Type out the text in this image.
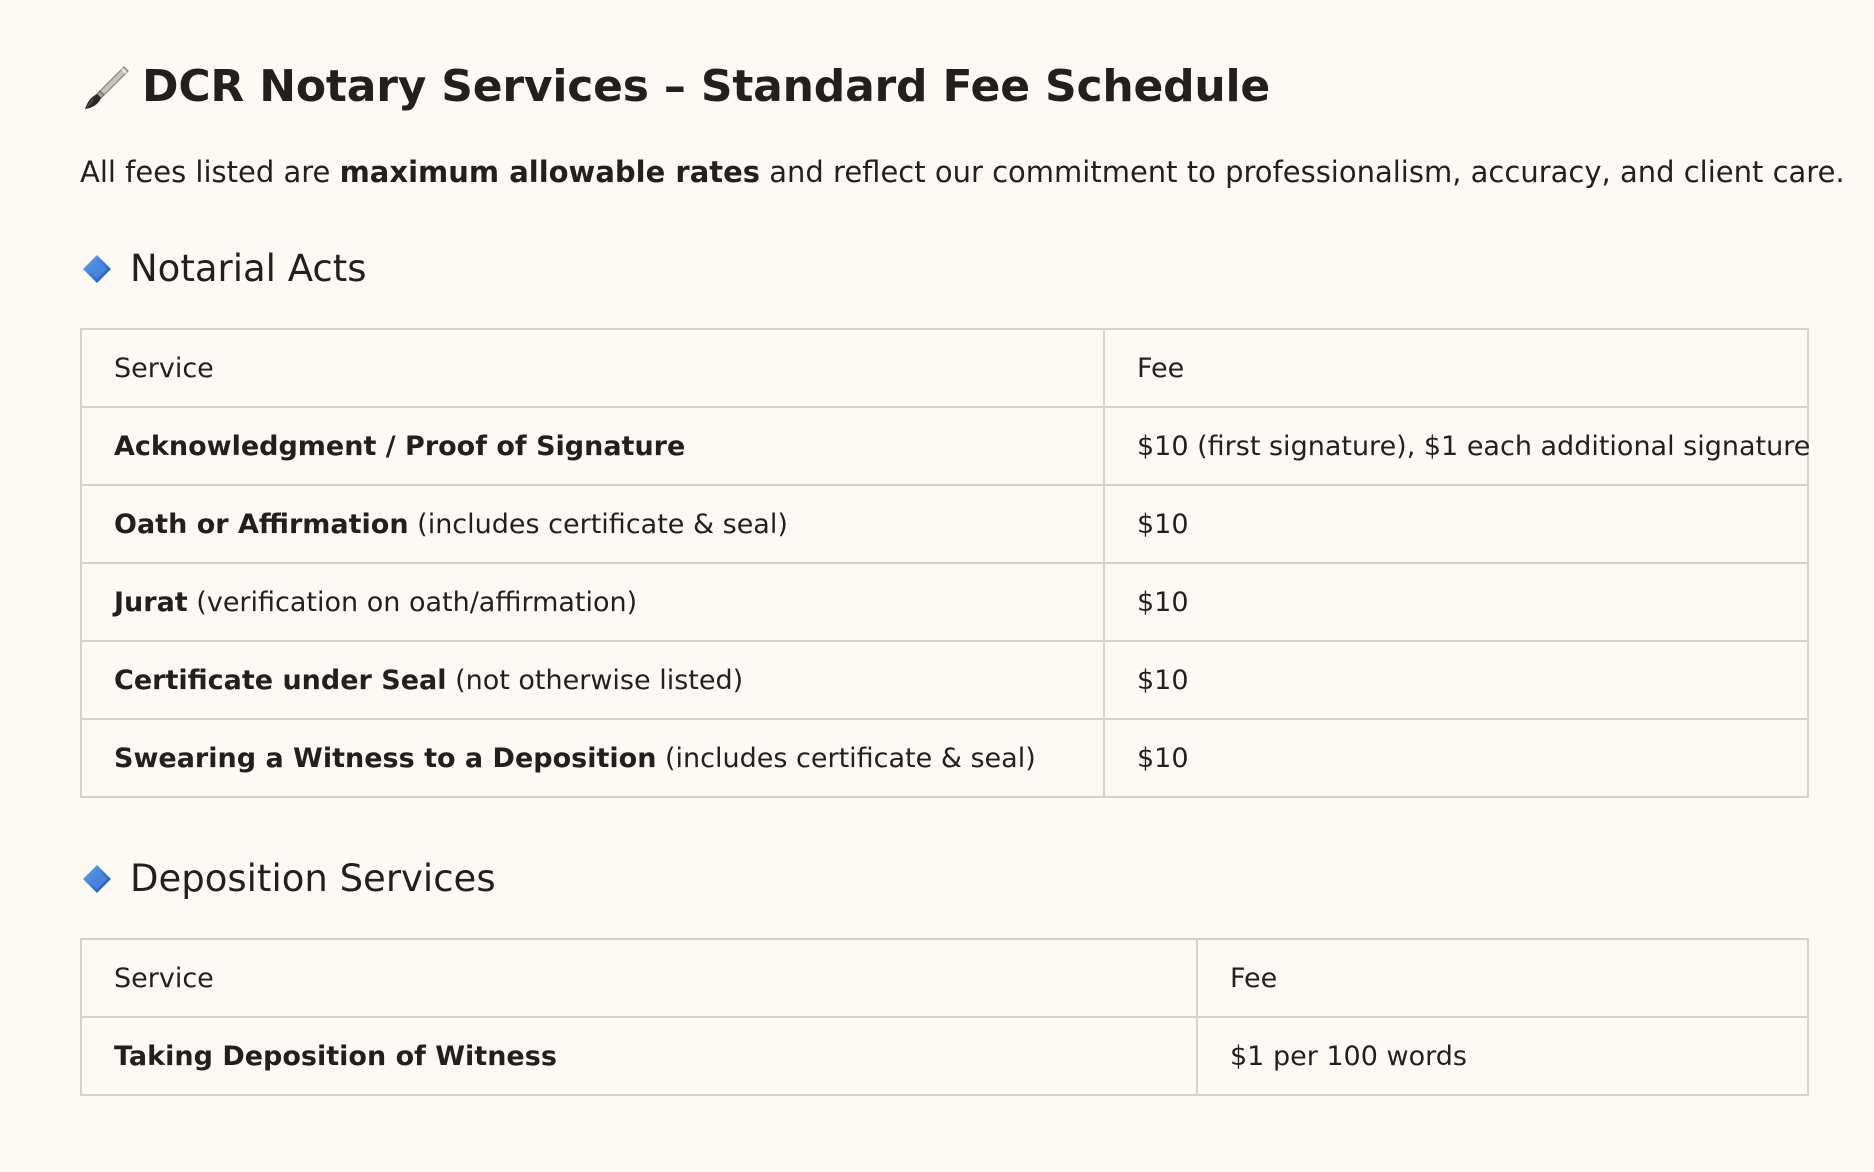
DCR Notary Services – Standard Fee Schedule

All fees listed are maximum allowable rates and reflect our commitment to professionalism, accuracy, and client care.

Notarial Acts
Service	Fee
Acknowledgment / Proof of Signature	$10 (first signature), $1 each additional signature
Oath or Affirmation (includes certificate & seal)	$10
Jurat (verification on oath/affirmation)	$10
Certificate under Seal (not otherwise listed)	$10
Swearing a Witness to a Deposition (includes certificate & seal)	$10
Deposition Services
Service	Fee
Taking Deposition of Witness	$1 per 100 words
